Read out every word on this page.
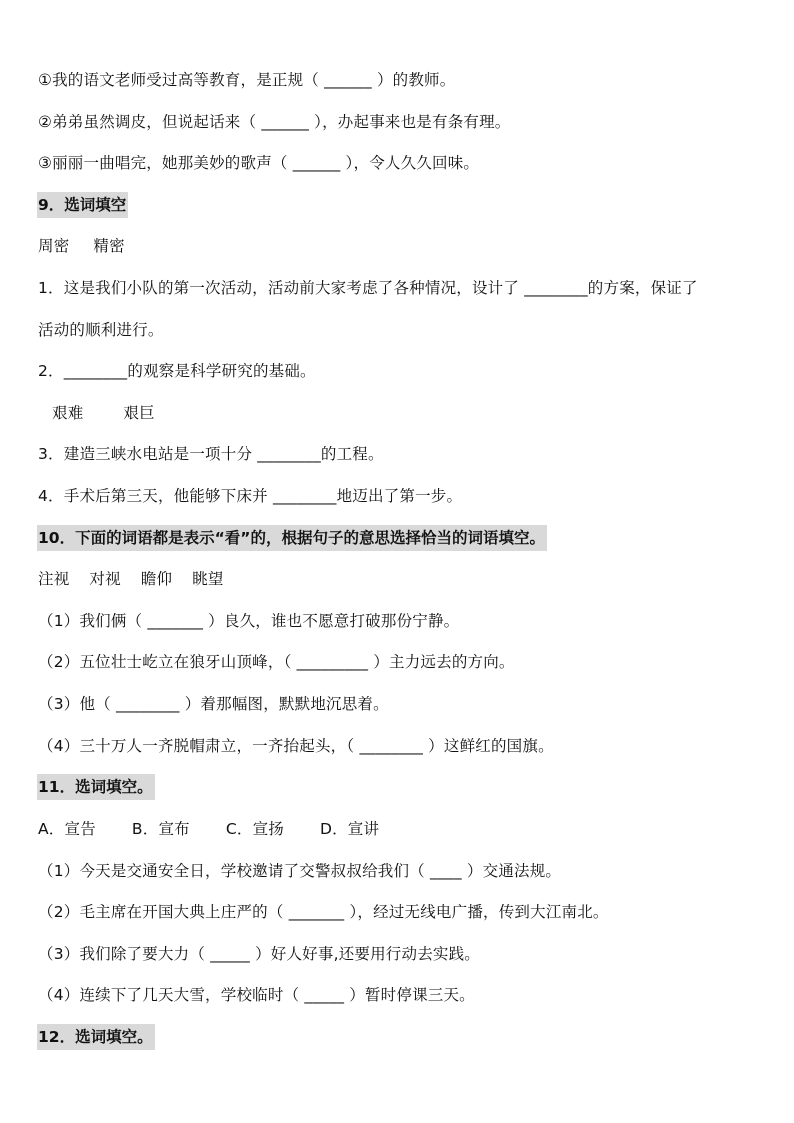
①我的语文老师受过高等教育，是正规（ ______ ）的教师。
②弟弟虽然调皮，但说起话来（ ______ ），办起事来也是有条有理。
③丽丽一曲唱完，她那美妙的歌声（ ______ ），令人久久回味。
9．选词填空
周密 精密
1．这是我们小队的第一次活动，活动前大家考虑了各种情况，设计了 ________的方案，保证了
活动的顺利进行。
2．________的观察是科学研究的基础。
艰难	艰巨
3．建造三峡水电站是一项十分 ________的工程。
4．手术后第三天，他能够下床并 ________地迈出了第一步。
10．下面的词语都是表示“看”的，根据句子的意思选择恰当的词语填空。
注视 对视 瞻仰 眺望
（1）我们俩（ _______ ）良久，谁也不愿意打破那份宁静。
（2）五位壮士屹立在狼牙山顶峰，（ _________ ）主力远去的方向。
（3）他（ ________ ）着那幅图，默默地沉思着。
（4）三十万人一齐脱帽肃立，一齐抬起头，（ ________ ）这鲜红的国旗。
11．选词填空。
A．宣告 B．宣布 C．宣扬 D．宣讲
（1）今天是交通安全日，学校邀请了交警叔叔给我们（ ____ ）交通法规。
（2）毛主席在开国大典上庄严的（ _______ ），经过无线电广播，传到大江南北。
（3）我们除了要大力（ _____ ）好人好事,还要用行动去实践。
（4）连续下了几天大雪，学校临时（ _____ ）暂时停课三天。
12．选词填空。
